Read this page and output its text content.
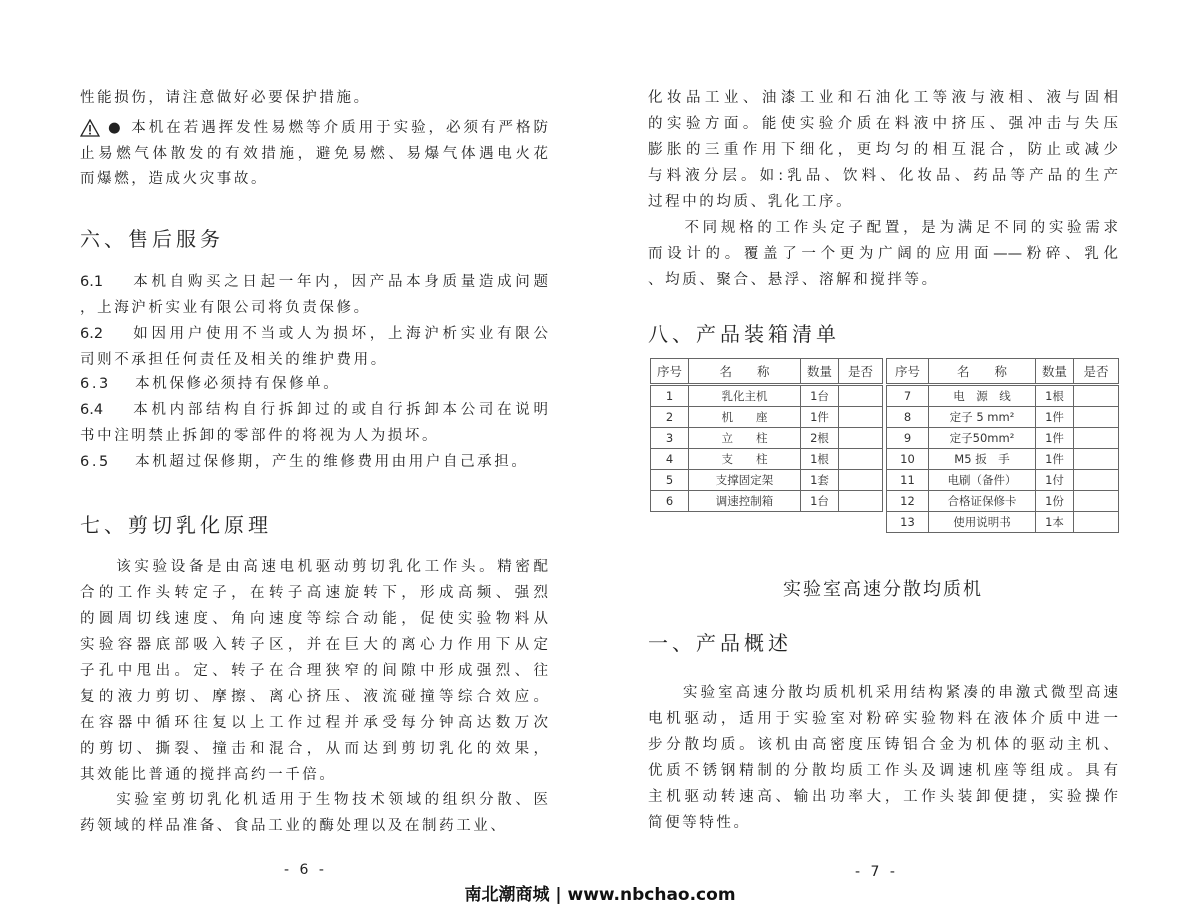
南北潮商城 | www.nbchao.com
性能损伤，请注意做好必要保护措施。
● 本机在若遇挥发性易燃等介质用于实验，必须有严格防
止易燃气体散发的有效措施，避免易燃、易爆气体遇电火花
而爆燃，造成火灾事故。
六、售后服务
6.1　 本机自购买之日起一年内，因产品本身质量造成问题
，上海沪析实业有限公司将负责保修。
6.2　 如因用户使用不当或人为损坏，上海沪析实业有限公
司则不承担任何责任及相关的维护费用。
6.3　 本机保修必须持有保修单。
6.4　 本机内部结构自行拆卸过的或自行拆卸本公司在说明
书中注明禁止拆卸的零部件的将视为人为损坏。
6.5　 本机超过保修期，产生的维修费用由用户自己承担。
七、剪切乳化原理
　　该实验设备是由高速电机驱动剪切乳化工作头。精密配
合的工作头转定子，在转子高速旋转下，形成高频、强烈
的圆周切线速度、角向速度等综合动能，促使实验物料从
实验容器底部吸入转子区，并在巨大的离心力作用下从定
子孔中甩出。定、转子在合理狭窄的间隙中形成强烈、往
复的液力剪切、摩擦、离心挤压、液流碰撞等综合效应。
在容器中循环往复以上工作过程并承受每分钟高达数万次
的剪切、撕裂、撞击和混合，从而达到剪切乳化的效果，
其效能比普通的搅拌高约一千倍。
　　实验室剪切乳化机适用于生物技术领域的组织分散、医
药领域的样品准备、食品工业的酶处理以及在制药工业、
- 6 -
化妆品工业、油漆工业和石油化工等液与液相、液与固相
的实验方面。能使实验介质在料液中挤压、强冲击与失压
膨胀的三重作用下细化，更均匀的相互混合，防止或减少
与料液分层。如:乳品、饮料、化妆品、药品等产品的生产
过程中的均质、乳化工序。
　　不同规格的工作头定子配置，是为满足不同的实验需求
而设计的。覆盖了一个更为广阔的应用面——粉碎、乳化
、均质、聚合、悬浮、溶解和搅拌等。
八、产品装箱清单
序号	名　　称	数量	是否
1	乳化主机	1台	
2	机　　座	1件	
3	立　　柱	2根	
4	支　　柱	1根	
5	支撑固定架	1套	
6	调速控制箱	1台	
序号	名　　称	数量	是否
7	电　源　线	1根	
8	定子 5 mm²	1件	
9	定子50mm²	1件	
10	M5 扳　手	1件	
11	电刷（备件）	1付	
12	合格证保修卡	1份	
13	使用说明书	1本	
实验室高速分散均质机
一、产品概述
　　实验室高速分散均质机机采用结构紧凑的串激式微型高速
电机驱动，适用于实验室对粉碎实验物料在液体介质中进一
步分散均质。该机由高密度压铸铝合金为机体的驱动主机、
优质不锈钢精制的分散均质工作头及调速机座等组成。具有
主机驱动转速高、输出功率大，工作头装卸便捷，实验操作
简便等特性。
- 7 -
